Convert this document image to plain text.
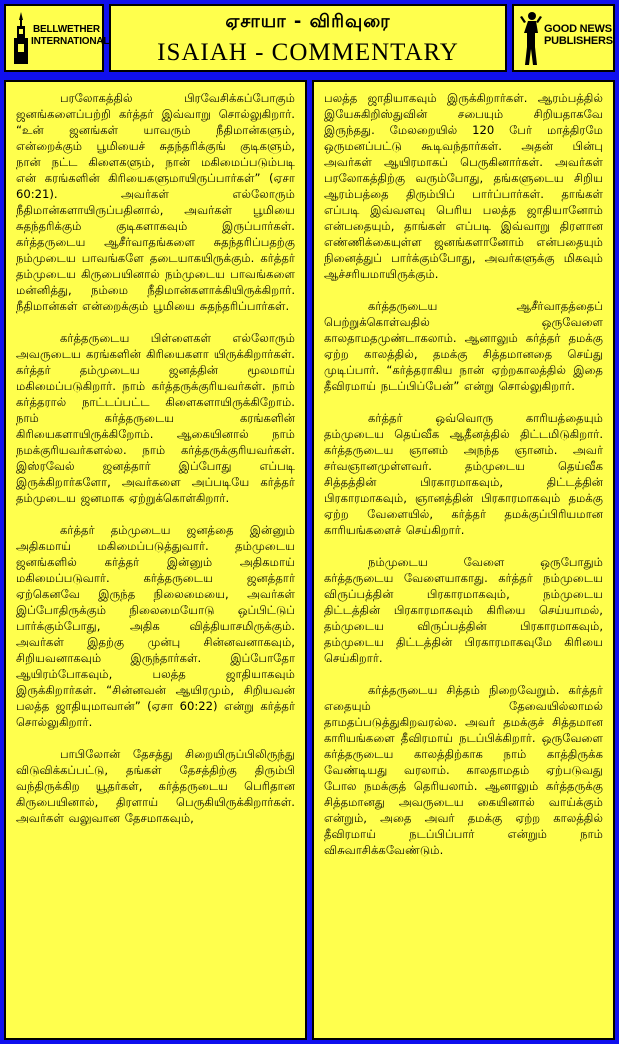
BELLWETHER
INTERNATIONAL
ஏசாயா - விரிவுரை
ISAIAH - COMMENTARY
GOOD NEWS
PUBLISHERS

பரலோகத்தில் பிரவேசிக்கப்போகும் ஜனங்களைப்பற்றி கர்த்தர் இவ்வாறு சொல்லுகிறார். “உன் ஜனங்கள் யாவரும் நீதிமான்களும், என்றைக்கும் பூமியைச் சுதந்தரிக்குங் குடிகளும், நான் நட்ட கிளைகளும், நான் மகிமைப்படும்படி என் கரங்களின் கிரியைகளுமாயிருப்பார்கள்” (ஏசா 60:21). அவர்கள் எல்லோரும் நீதிமான்களாயிருப்பதினால், அவர்கள் பூமியை சுதந்தரிக்கும் குடிகளாகவும் இருப்பார்கள். கர்த்தருடைய ஆசீர்வாதங்களை சுதந்தரிப்பதற்கு நம்முடைய பாவங்களே தடையாகயிருக்கும். கர்த்தர் தம்முடைய கிருபையினால் நம்முடைய பாவங்களை மன்னித்து, நம்மை நீதிமான்களாக்கியிருக்கிறார். நீதிமான்கள் என்றைக்கும் பூமியை சுதந்தரிப்பார்கள்.

கர்த்தருடைய பிள்ளைகள் எல்லோரும் அவருடைய கரங்களின் கிரியைகளா யிருக்கிறார்கள். கர்த்தர் தம்முடைய ஜனத்தின் மூலமாய் மகிமைப்படுகிறார். நாம் கர்த்தருக்குரியவர்கள். நாம் கர்த்தரால் நாட்டப்பட்ட கிளைகளாயிருக்கிறோம். நாம் கர்த்தருடைய கரங்களின் கிரியைகளாயிருக்கிறோம். ஆகையினால் நாம் நமக்குரியவர்களல்ல. நாம் கர்த்தருக்குரியவர்கள். இஸ்ரவேல் ஜனத்தார் இப்போது எப்படி இருக்கிறார்களோ, அவர்களை அப்படியே கர்த்தர் தம்முடைய ஜனமாக ஏற்றுக்கொள்கிறார்.

கர்த்தர் தம்முடைய ஜனத்தை இன்னும் அதிகமாய் மகிமைப்படுத்துவார். தம்முடைய ஜனங்களில் கர்த்தர் இன்னும் அதிகமாய் மகிமைப்படுவார். கர்த்தருடைய ஜனத்தார் ஏற்கெனவே இருந்த நிலைமையை, அவர்கள் இப்போதிருக்கும் நிலைமையோடு ஒப்பிட்டுப் பார்க்கும்போது, அதிக வித்தியாசமிருக்கும். அவர்கள் இதற்கு முன்பு சின்னவனாகவும், சிறியவனாகவும் இருந்தார்கள். இப்போதோ ஆயிரம்போகவும், பலத்த ஜாதியாகவும் இருக்கிறார்கள். “சின்னவன் ஆயிரமும், சிறியவன் பலத்த ஜாதியுமாவான்” (ஏசா 60:22) என்று கர்த்தர் சொல்லுகிறார்.

பாபிலோன் தேசத்து சிறையிருப்பிலிருந்து விடுவிக்கப்பட்டு, தங்கள் தேசத்திற்கு திரும்பி வந்திருக்கிற யூதர்கள், கர்த்தருடைய பெரிதான கிருபையினால், திரளாய் பெருகியிருக்கிறார்கள். அவர்கள் வலுவான தேசமாகவும்,

பலத்த ஜாதியாகவும் இருக்கிறார்கள். ஆரம்பத்தில் இயேசுகிறிஸ்துவின் சபையும் சிறியதாகவே இருந்தது. மேலறையில் 120 பேர் மாத்திரமே ஒருமனப்பட்டு கூடிவந்தார்கள். அதன் பின்பு அவர்கள் ஆயிரமாகப் பெருகினார்கள். அவர்கள் பரலோகத்திற்கு வரும்போது, தங்களுடைய சிறிய ஆரம்பத்தை திரும்பிப் பார்ப்பார்கள். தாங்கள் எப்படி இவ்வளவு பெரிய பலத்த ஜாதியானோம் என்பதையும், தாங்கள் எப்படி இவ்வாறு திரளான எண்ணிக்கையுள்ள ஜனங்களானோம் என்பதையும் நினைத்துப் பார்க்கும்போது, அவர்களுக்கு மிகவும் ஆச்சரியமாயிருக்கும்.

கர்த்தருடைய ஆசீர்வாதத்தைப் பெற்றுக்கொள்வதில் ஒருவேளை காலதாமதமுண்டாகலாம். ஆனாலும் கர்த்தர் தமக்கு ஏற்ற காலத்தில், தமக்கு சித்தமானதை செய்து முடிப்பார். “கர்த்தராகிய நான் ஏற்றகாலத்தில் இதை தீவிரமாய் நடப்பிப்பேன்” என்று சொல்லுகிறார்.

கர்த்தர் ஒவ்வொரு காரியத்தையும் தம்முடைய தெய்வீக ஆதீனத்தில் திட்டமிடுகிறார். கர்த்தருடைய ஞானம் அநந்த ஞானம். அவர் சர்வஞானமுள்ளவர். தம்முடைய தெய்வீக சித்தத்தின் பிரகாரமாகவும், திட்டத்தின் பிரகாரமாகவும், ஞானத்தின் பிரகாரமாகவும் தமக்கு ஏற்ற வேளையில், கர்த்தர் தமக்குப்பிரியமான காரியங்களைச் செய்கிறார்.

நம்முடைய வேளை ஒருபோதும் கர்த்தருடைய வேளையாகாது. கர்த்தர் நம்முடைய விருப்பத்தின் பிரகாரமாகவும், நம்முடைய திட்டத்தின் பிரகாரமாகவும் கிரியை செய்யாமல், தம்முடைய விருப்பத்தின் பிரகாரமாகவும், தம்முடைய திட்டத்தின் பிரகாரமாகவுமே கிரியை செய்கிறார்.

கர்த்தருடைய சித்தம் நிறைவேறும். கர்த்தர் எதையும் தேவையில்லாமல் தாமதப்படுத்துகிறவரல்ல. அவர் தமக்குச் சித்தமான காரியங்களை தீவிரமாய் நடப்பிக்கிறார். ஒருவேளை கர்த்தருடைய காலத்திற்காக நாம் காத்திருக்க வேண்டியது வரலாம். காலதாமதம் ஏற்படுவது போல நமக்குத் தெரியலாம். ஆனாலும் கர்த்தருக்கு சித்தமானது அவருடைய கையினால் வாய்க்கும் என்றும், அதை அவர் தமக்கு ஏற்ற காலத்தில் தீவிரமாய் நடப்பிப்பார் என்றும் நாம் விசுவாசிக்கவேண்டும்.
